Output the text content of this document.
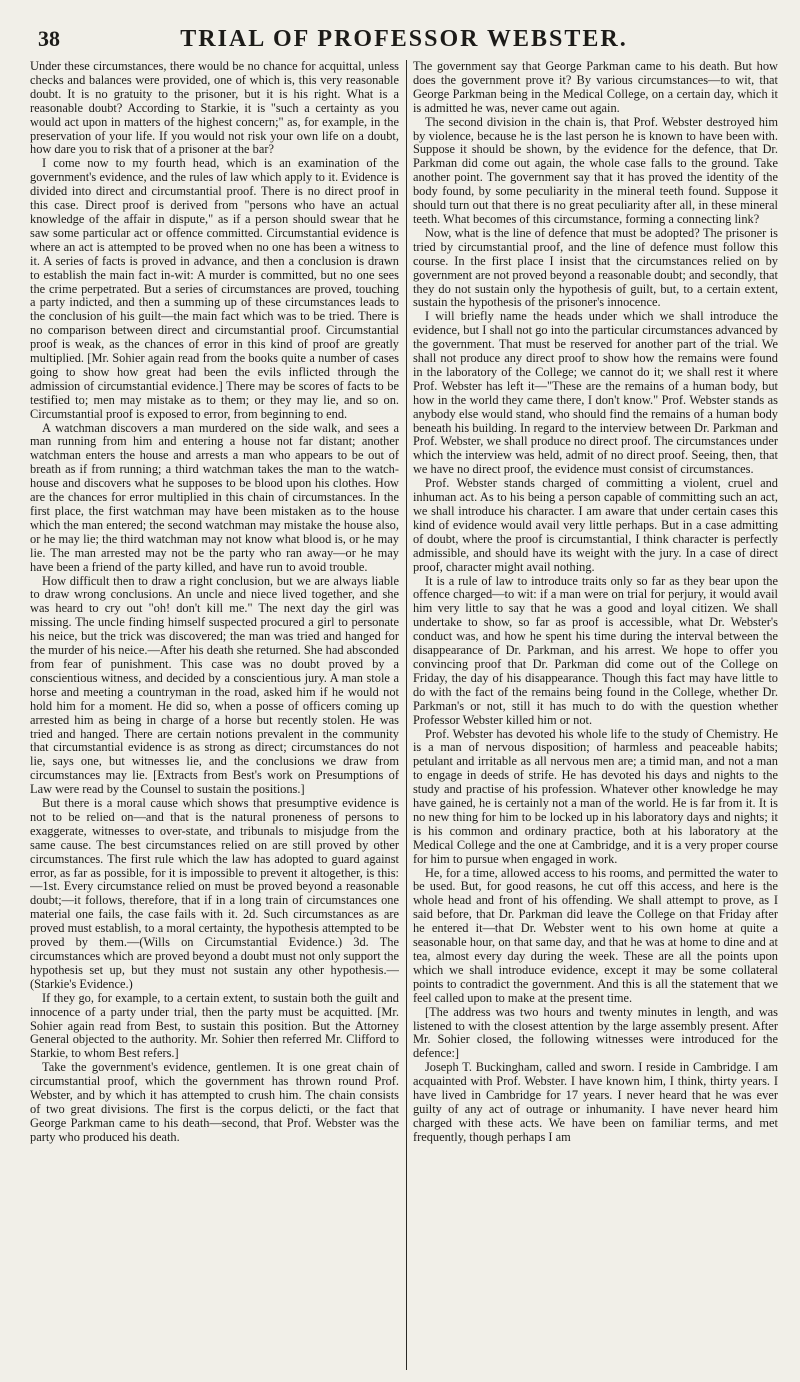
38	TRIAL OF PROFESSOR WEBSTER.

Under these circumstances, there would be no chance for acquittal, unless checks and balances were provided, one of which is, this very reasonable doubt. It is no gratuity to the prisoner, but it is his right. What is a reasonable doubt? According to Starkie, it is "such a certainty as you would act upon in matters of the highest concern;" as, for example, in the preservation of your life. If you would not risk your own life on a doubt, how dare you to risk that of a prisoner at the bar?

I come now to my fourth head, which is an examination of the government's evidence, and the rules of law which apply to it. Evidence is divided into direct and circumstantial proof. There is no direct proof in this case. Direct proof is derived from "persons who have an actual knowledge of the affair in dispute," as if a person should swear that he saw some particular act or offence committed. Circumstantial evidence is where an act is attempted to be proved when no one has been a witness to it. A series of facts is proved in advance, and then a conclusion is drawn to establish the main fact in-wit: A murder is committed, but no one sees the crime perpetrated. But a series of circumstances are proved, touching a party indicted, and then a summing up of these circumstances leads to the conclusion of his guilt—the main fact which was to be tried. There is no comparison between direct and circumstantial proof. Circumstantial proof is weak, as the chances of error in this kind of proof are greatly multiplied. [Mr. Sohier again read from the books quite a number of cases going to show how great had been the evils inflicted through the admission of circumstantial evidence.] There may be scores of facts to be testified to; men may mistake as to them; or they may lie, and so on. Circumstantial proof is exposed to error, from beginning to end.

A watchman discovers a man murdered on the side walk, and sees a man running from him and entering a house not far distant; another watchman enters the house and arrests a man who appears to be out of breath as if from running; a third watchman takes the man to the watch-house and discovers what he supposes to be blood upon his clothes. How are the chances for error multiplied in this chain of circumstances. In the first place, the first watchman may have been mistaken as to the house which the man entered; the second watchman may mistake the house also, or he may lie; the third watchman may not know what blood is, or he may lie. The man arrested may not be the party who ran away—or he may have been a friend of the party killed, and have run to avoid trouble.

How difficult then to draw a right conclusion, but we are always liable to draw wrong conclusions. An uncle and niece lived together, and she was heard to cry out "oh! don't kill me." The next day the girl was missing. The uncle finding himself suspected procured a girl to personate his neice, but the trick was discovered; the man was tried and hanged for the murder of his neice.—After his death she returned. She had absconded from fear of punishment. This case was no doubt proved by a conscientious witness, and decided by a conscientious jury. A man stole a horse and meeting a countryman in the road, asked him if he would not hold him for a moment. He did so, when a posse of officers coming up arrested him as being in charge of a horse but recently stolen. He was tried and hanged. There are certain notions prevalent in the community that circumstantial evidence is as strong as direct; circumstances do not lie, says one, but witnesses lie, and the conclusions we draw from circumstances may lie. [Extracts from Best's work on Presumptions of Law were read by the Counsel to sustain the positions.]

But there is a moral cause which shows that presumptive evidence is not to be relied on—and that is the natural proneness of persons to exaggerate, witnesses to over-state, and tribunals to misjudge from the same cause. The best circumstances relied on are still proved by other circumstances. The first rule which the law has adopted to guard against error, as far as possible, for it is impossible to prevent it altogether, is this:—1st. Every circumstance relied on must be proved beyond a reasonable doubt;—it follows, therefore, that if in a long train of circumstances one material one fails, the case fails with it. 2d. Such circumstances as are proved must establish, to a moral certainty, the hypothesis attempted to be proved by them.—(Wills on Circumstantial Evidence.) 3d. The circumstances which are proved beyond a doubt must not only support the hypothesis set up, but they must not sustain any other hypothesis.—(Starkie's Evidence.)

If they go, for example, to a certain extent, to sustain both the guilt and innocence of a party under trial, then the party must be acquitted. [Mr. Sohier again read from Best, to sustain this position. But the Attorney General objected to the authority. Mr. Sohier then referred Mr. Clifford to Starkie, to whom Best refers.]

Take the government's evidence, gentlemen. It is one great chain of circumstantial proof, which the government has thrown round Prof. Webster, and by which it has attempted to crush him. The chain consists of two great divisions. The first is the corpus delicti, or the fact that George Parkman came to his death—second, that Prof. Webster was the party who produced his death.

The government say that George Parkman came to his death. But how does the government prove it? By various circumstances—to wit, that George Parkman being in the Medical College, on a certain day, which it is admitted he was, never came out again.

The second division in the chain is, that Prof. Webster destroyed him by violence, because he is the last person he is known to have been with. Suppose it should be shown, by the evidence for the defence, that Dr. Parkman did come out again, the whole case falls to the ground. Take another point. The government say that it has proved the identity of the body found, by some peculiarity in the mineral teeth found. Suppose it should turn out that there is no great peculiarity after all, in these mineral teeth. What becomes of this circumstance, forming a connecting link?

Now, what is the line of defence that must be adopted? The prisoner is tried by circumstantial proof, and the line of defence must follow this course. In the first place I insist that the circumstances relied on by government are not proved beyond a reasonable doubt; and secondly, that they do not sustain only the hypothesis of guilt, but, to a certain extent, sustain the hypothesis of the prisoner's innocence.

I will briefly name the heads under which we shall introduce the evidence, but I shall not go into the particular circumstances advanced by the government. That must be reserved for another part of the trial. We shall not produce any direct proof to show how the remains were found in the laboratory of the College; we cannot do it; we shall rest it where Prof. Webster has left it—"These are the remains of a human body, but how in the world they came there, I don't know." Prof. Webster stands as anybody else would stand, who should find the remains of a human body beneath his building. In regard to the interview between Dr. Parkman and Prof. Webster, we shall produce no direct proof. The circumstances under which the interview was held, admit of no direct proof. Seeing, then, that we have no direct proof, the evidence must consist of circumstances.

Prof. Webster stands charged of committing a violent, cruel and inhuman act. As to his being a person capable of committing such an act, we shall introduce his character. I am aware that under certain cases this kind of evidence would avail very little perhaps. But in a case admitting of doubt, where the proof is circumstantial, I think character is perfectly admissible, and should have its weight with the jury. In a case of direct proof, character might avail nothing.

It is a rule of law to introduce traits only so far as they bear upon the offence charged—to wit: if a man were on trial for perjury, it would avail him very little to say that he was a good and loyal citizen. We shall undertake to show, so far as proof is accessible, what Dr. Webster's conduct was, and how he spent his time during the interval between the disappearance of Dr. Parkman, and his arrest. We hope to offer you convincing proof that Dr. Parkman did come out of the College on Friday, the day of his disappearance. Though this fact may have little to do with the fact of the remains being found in the College, whether Dr. Parkman's or not, still it has much to do with the question whether Professor Webster killed him or not.

Prof. Webster has devoted his whole life to the study of Chemistry. He is a man of nervous disposition; of harmless and peaceable habits; petulant and irritable as all nervous men are; a timid man, and not a man to engage in deeds of strife. He has devoted his days and nights to the study and practise of his profession. Whatever other knowledge he may have gained, he is certainly not a man of the world. He is far from it. It is no new thing for him to be locked up in his laboratory days and nights; it is his common and ordinary practice, both at his laboratory at the Medical College and the one at Cambridge, and it is a very proper course for him to pursue when engaged in work.

He, for a time, allowed access to his rooms, and permitted the water to be used. But, for good reasons, he cut off this access, and here is the whole head and front of his offending. We shall attempt to prove, as I said before, that Dr. Parkman did leave the College on that Friday after he entered it—that Dr. Webster went to his own home at quite a seasonable hour, on that same day, and that he was at home to dine and at tea, almost every day during the week. These are all the points upon which we shall introduce evidence, except it may be some collateral points to contradict the government. And this is all the statement that we feel called upon to make at the present time.

[The address was two hours and twenty minutes in length, and was listened to with the closest attention by the large assembly present. After Mr. Sohier closed, the following witnesses were introduced for the defence:]

Joseph T. Buckingham, called and sworn. I reside in Cambridge. I am acquainted with Prof. Webster. I have known him, I think, thirty years. I have lived in Cambridge for 17 years. I never heard that he was ever guilty of any act of outrage or inhumanity. I have never heard him charged with these acts. We have been on familiar terms, and met frequently, though perhaps I am
